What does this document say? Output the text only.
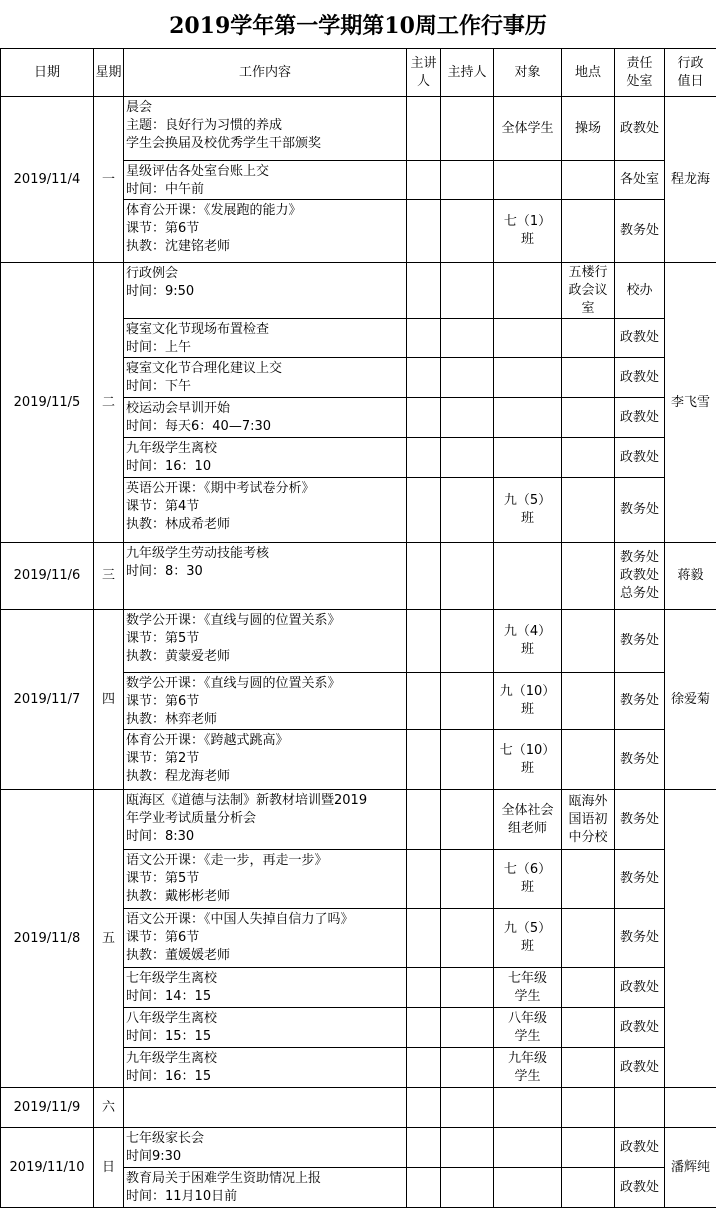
2019学年第一学期第10周工作行事历
日期	星期	工作内容	主讲
人	主持人	对象	地点	责任
处室	行政
值日

2019/11/4	一	晨会
主题：良好行为习惯的养成
学生会换届及校优秀学生干部颁奖			全体学生	操场	政教处	程龙海

		星级评估各处室台账上交
时间：中午前					各处室	

		体育公开课：《发展跑的能力》
课节：第6节
执教：沈建铭老师			七（1）
班		教务处	

2019/11/5	二	行政例会
时间：9:50				五楼行
政会议
室	校办	李飞雪

		寝室文化节现场布置检查
时间：上午					政教处	

		寝室文化节合理化建议上交
时间：下午					政教处	

		校运动会早训开始
时间：每天6：40—7:30					政教处	

		九年级学生离校
时间：16：10					政教处	

		英语公开课：《期中考试卷分析》
课节：第4节
执教：林成希老师			九（5）
班		教务处	

2019/11/6	三	九年级学生劳动技能考核
时间：8：30					教务处
政教处
总务处	蒋毅
2019/11/7	四	数学公开课：《直线与圆的位置关系》
课节：第5节
执教：黄蒙爱老师			九（4）
班		教务处	徐爱菊

		数学公开课：《直线与圆的位置关系》
课节：第6节
执教：林弈老师			九（10）
班		教务处	

		体育公开课：《跨越式跳高》
课节：第2节
执教：程龙海老师			七（10）
班		教务处	

2019/11/8	五	瓯海区《道德与法制》新教材培训暨2019
年学业考试质量分析会
时间：8:30			全体社会
组老师	瓯海外
国语初
中分校	教务处	

		语文公开课：《走一步，再走一步》
课节：第5节
执教：戴彬彬老师			七（6）
班		教务处	

		语文公开课：《中国人失掉自信力了吗》
课节：第6节
执教：董媛媛老师			九（5）
班		教务处	

		七年级学生离校
时间：14：15			七年级
学生		政教处	

		八年级学生离校
时间：15：15			八年级
学生		政教处	

		九年级学生离校
时间：16：15			九年级
学生		政教处	

2019/11/9	六							
2019/11/10	日	七年级家长会
时间9:30					政教处	潘辉纯

		教育局关于困难学生资助情况上报
时间：11月10日前					政教处	
